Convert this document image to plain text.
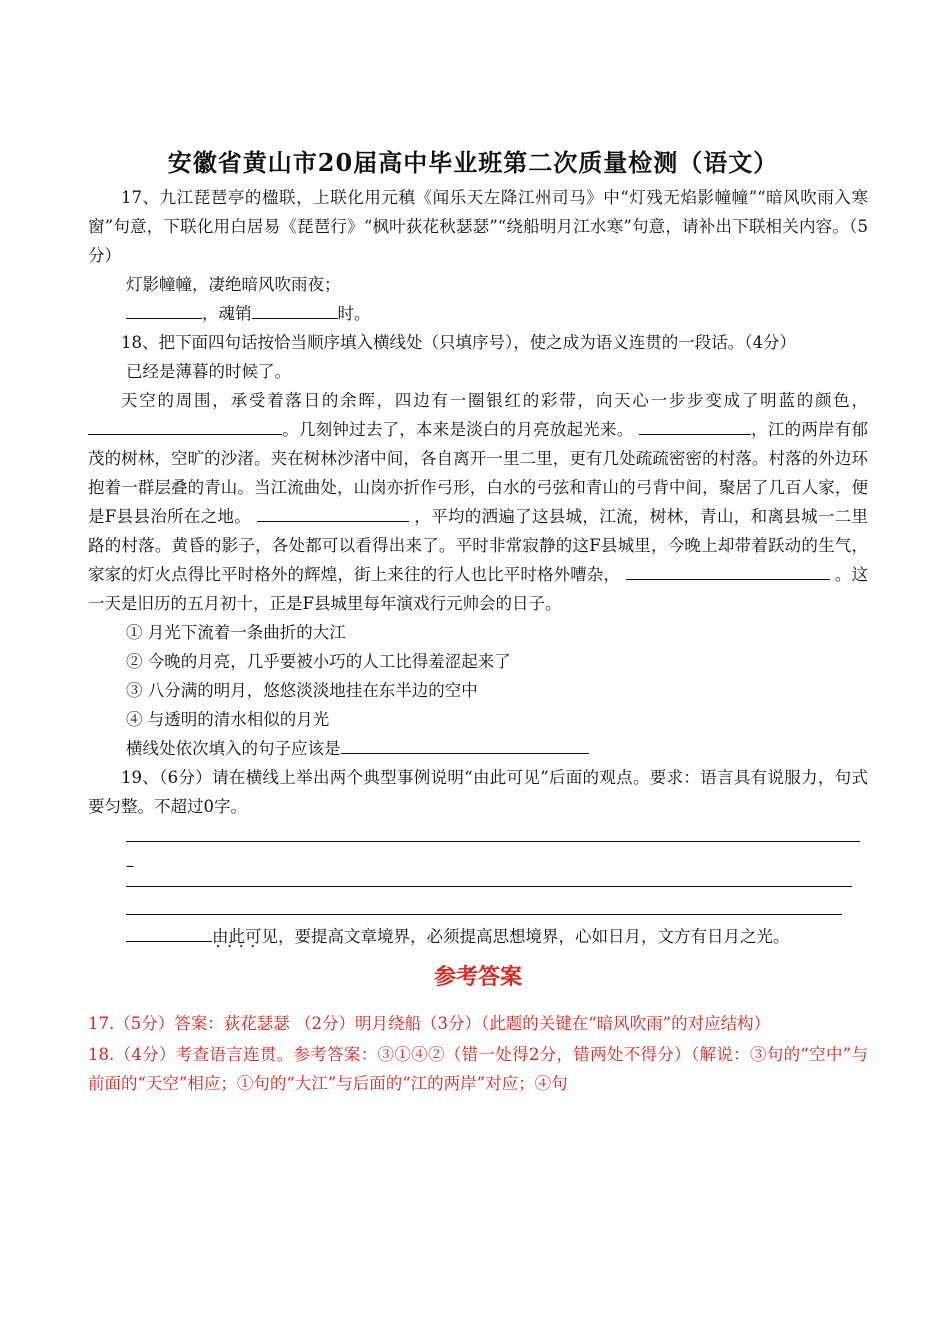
安徽省黄山市20届高中毕业班第二次质量检测（语文）

17、九江琵琶亭的楹联，上联化用元稹《闻乐天左降江州司马》中“灯残无焰影幢幢”“暗风吹雨入寒窗”句意，下联化用白居易《琵琶行》“枫叶荻花秋瑟瑟”“绕船明月江水寒”句意，请补出下联相关内容。（5分）

灯影幢幢，凄绝暗风吹雨夜；

，魂销	时。

18、把下面四句话按恰当顺序填入横线处（只填序号），使之成为语义连贯的一段话。（4分）

已经是薄暮的时候了。

天空的周围，承受着落日的余晖，四边有一圈银红的彩带，向天心一步步变成了明蓝的颜色，。几刻钟过去了，本来是淡白的月亮放起光来。	，江的两岸有郁茂的树林，空旷的沙渚。夹在树林沙渚中间，各自离开一里二里，更有几处疏疏密密的村落。村落的外边环抱着一群层叠的青山。当江流曲处，山岗亦折作弓形，白水的弓弦和青山的弓背中间，聚居了几百人家，便是F县县治所在之地。	，平均的洒遍了这县城，江流，树林，青山，和离县城一二里路的村落。黄昏的影子，各处都可以看得出来了。平时非常寂静的这F县城里，今晚上却带着跃动的生气，家家的灯火点得比平时格外的辉煌，街上来往的行人也比平时格外嘈杂，	。这一天是旧历的五月初十，正是F县城里每年演戏行元帅会的日子。

① 月光下流着一条曲折的大江

② 今晚的月亮，几乎要被小巧的人工比得羞涩起来了

③ 八分满的明月，悠悠淡淡地挂在东半边的空中

④ 与透明的清水相似的月光

横线处依次填入的句子应该是

19、（6分）请在横线上举出两个典型事例说明“由此可见”后面的观点。要求：语言具有说服力，句式要匀整。不超过0字。

–

由此可见 • • ，要提高文章境界，必须提高思想境界，心如日月，文方有日月之光。

参考答案

17.（5分）答案：荻花瑟瑟 （2分）明月绕船（3分）（此题的关键在“暗风吹雨”的对应结构）

18.（4分）考查语言连贯。参考答案：③①④②（错一处得2分，错两处不得分）（解说：③句的“空中”与前面的“天空”相应；①句的“大江”与后面的“江的两岸”对应；④句
